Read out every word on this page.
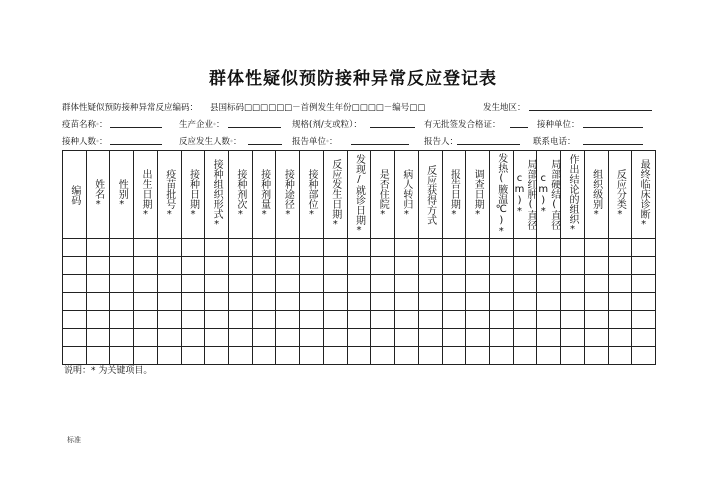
群体性疑似预防接种异常反应登记表
群体性疑似预防接种异常反应编码： 县国标码□□□□□□－首例发生年份□□□□－编号□□	发生地区：
疫苗名称*：	生产企业*：	规格(剂/支或粒）：	有无批签发合格证：	接种单位：
接种人数*：	反应发生人数*：	报告单位*：	报告人：	联系电话：
编码	姓名*	性别*	出生日期*	疫苗批号*	接种日期*	接种组织形式*	接种剂次*	接种剂量*	接种途径*	接种部位*	反应发生日期*	发现/就诊日期*	是否住院*	病人转归*	反应获得方式	报告日期*	调查日期*	发热(腋温℃)*	局部红肿(直径cm)*	局部硬结(直径cm)*	作出结论的组织*	组织级别*	反应分类*	最终临床诊断*

说明：* 为关键项目。
标准
